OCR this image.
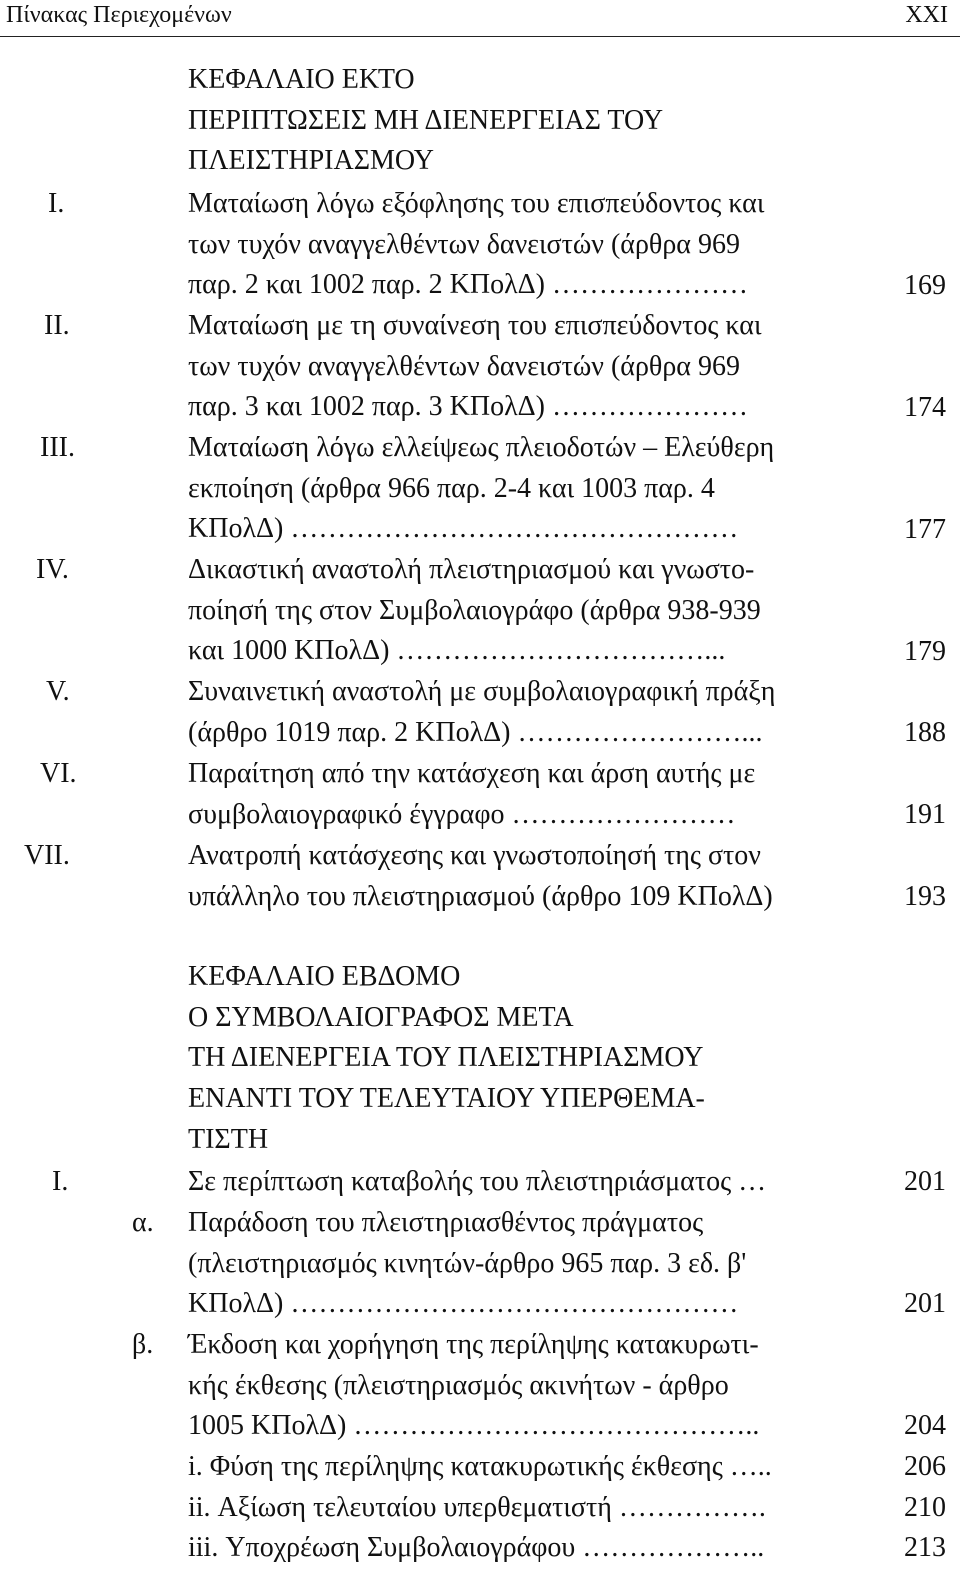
Πίνακας Περιεχομένων	XXI
ΚΕΦΑΛΑΙΟ ΕΚΤΟ
ΠΕΡΙΠΤΩΣΕΙΣ ΜΗ ΔΙΕΝΕΡΓΕΙΑΣ ΤΟΥ
ΠΛΕΙΣΤΗΡΙΑΣΜΟΥ
I.	Ματαίωση λόγω εξόφλησης του επισπεύδοντος και
των τυχόν αναγγελθέντων δανειστών (άρθρα 969
παρ. 2 και 1002 παρ. 2 ΚΠολΔ) …………………	169
II.	Ματαίωση με τη συναίνεση του επισπεύδοντος και
των τυχόν αναγγελθέντων δανειστών (άρθρα 969
παρ. 3 και 1002 παρ. 3 ΚΠολΔ) …………………	174
III.	Ματαίωση λόγω ελλείψεως πλειοδοτών – Ελεύθερη
εκποίηση (άρθρα 966 παρ. 2-4 και 1003 παρ. 4
ΚΠολΔ) …………………………………………	177
IV.	Δικαστική αναστολή πλειστηριασμού και γνωστο-
ποίησή της στον Συμβολαιογράφο (άρθρα 938-939
και 1000 ΚΠολΔ) ……………………………...	179
V.	Συναινετική αναστολή με συμβολαιογραφική πράξη
(άρθρο 1019 παρ. 2 ΚΠολΔ) ……………………...	188
VI.	Παραίτηση από την κατάσχεση και άρση αυτής με
συμβολαιογραφικό έγγραφο ……………………	191
VII.	Ανατροπή κατάσχεσης και γνωστοποίησή της στον
υπάλληλο του πλειστηριασμού (άρθρο 109 ΚΠολΔ)	193
ΚΕΦΑΛΑΙΟ ΕΒΔΟΜΟ
Ο ΣΥΜΒΟΛΑΙΟΓΡΑΦΟΣ ΜΕΤΑ
ΤΗ ΔΙΕΝΕΡΓΕΙΑ ΤΟΥ ΠΛΕΙΣΤΗΡΙΑΣΜΟΥ
ΕΝΑΝΤΙ ΤΟΥ ΤΕΛΕΥΤΑΙΟΥ ΥΠΕΡΘΕΜΑ-
ΤΙΣΤΗ
I.	Σε περίπτωση καταβολής του πλειστηριάσματος …	201
α. Παράδοση του πλειστηριασθέντος πράγματος
(πλειστηριασμός κινητών-άρθρο 965 παρ. 3 εδ. β'
ΚΠολΔ) …………………………………………	201
β. Έκδοση και χορήγηση της περίληψης κατακυρωτι-
κής έκθεσης (πλειστηριασμός ακινήτων - άρθρο
1005 ΚΠολΔ) ……………………………………..	204
i. Φύση της περίληψης κατακυρωτικής έκθεσης …..	206
ii. Αξίωση τελευταίου υπερθεματιστή …………….	210
iii. Υποχρέωση Συμβολαιογράφου ………………..	213
